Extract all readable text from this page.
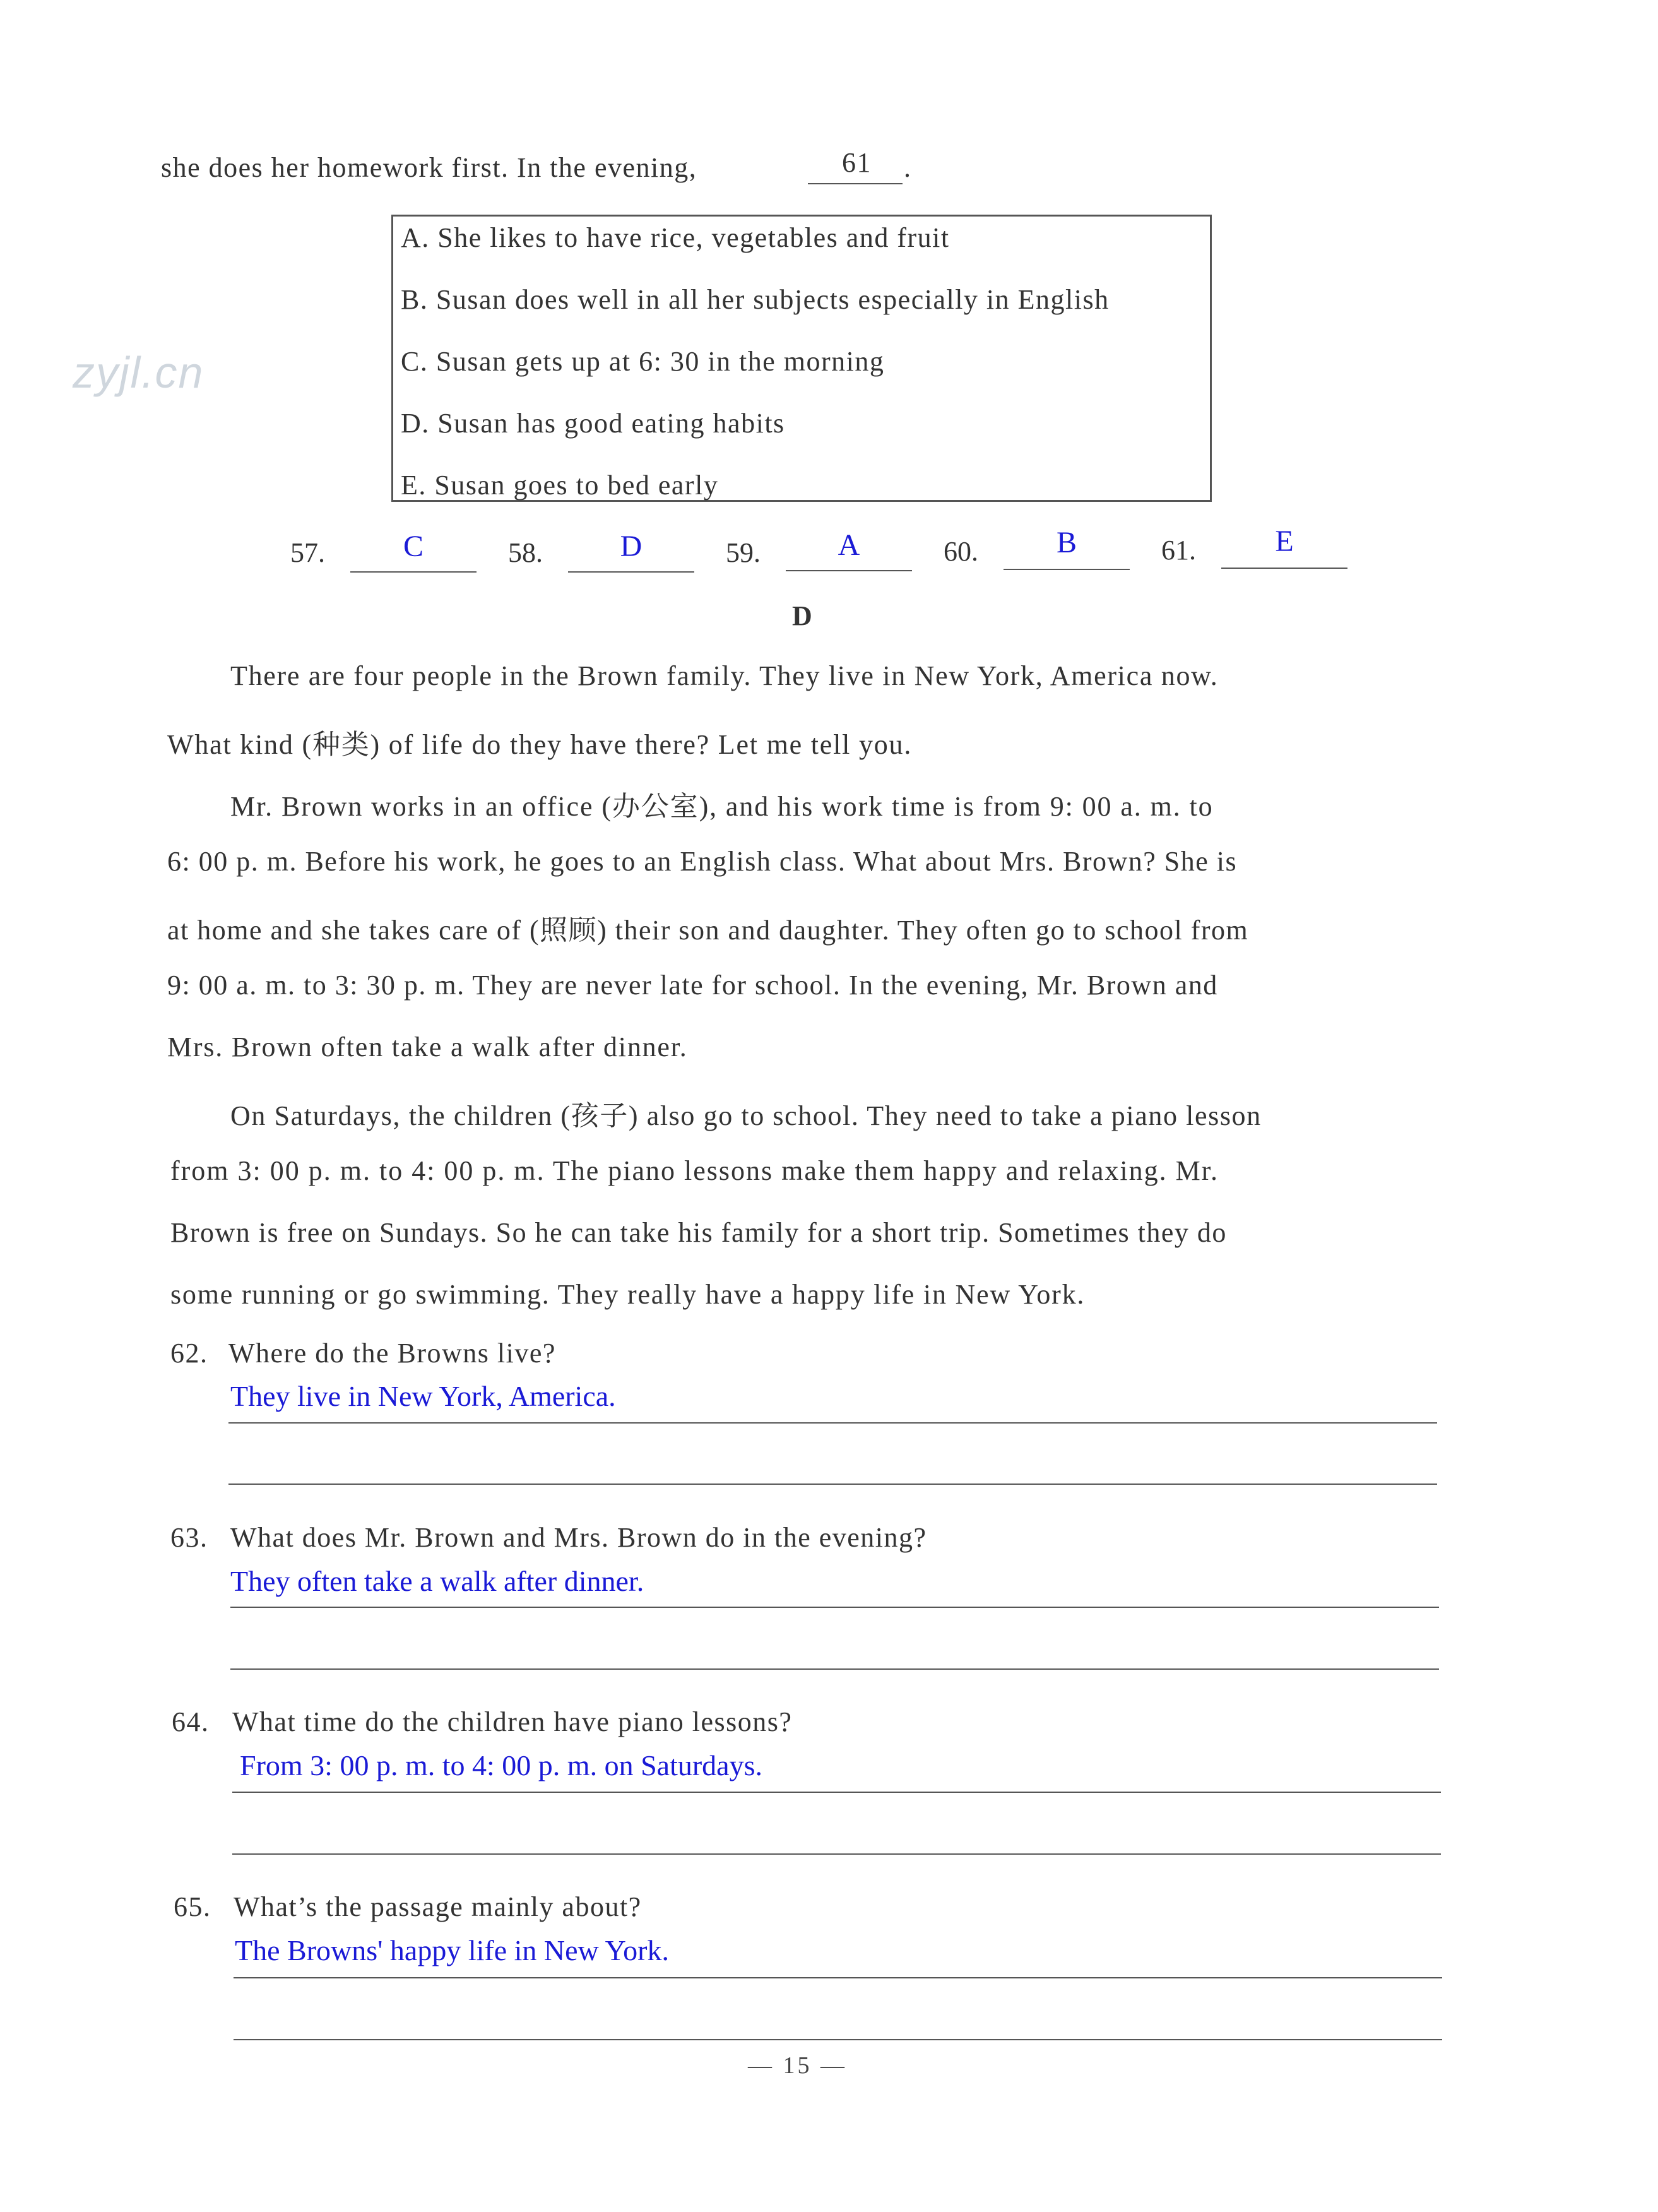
she does her homework first. In the evening,	61	.
zyjl.cn
A. She likes to have rice, vegetables and fruit
B. Susan does well in all her subjects especially in English
C. Susan gets up at 6: 30 in the morning
D. Susan has good eating habits
E. Susan goes to bed early
57.	C	58.	D	59.	A	60.	B	61.	E
D
There are four people in the Brown family. They live in New York, America now.
What kind (种类) of life do they have there? Let me tell you.
Mr. Brown works in an office (办公室), and his work time is from 9: 00 a. m. to
6: 00 p. m. Before his work, he goes to an English class. What about Mrs. Brown? She is
at home and she takes care of (照顾) their son and daughter. They often go to school from
9: 00 a. m. to 3: 30 p. m. They are never late for school. In the evening, Mr. Brown and
Mrs. Brown often take a walk after dinner.
On Saturdays, the children (孩子) also go to school. They need to take a piano lesson
from 3: 00 p. m. to 4: 00 p. m. The piano lessons make them happy and relaxing. Mr.
Brown is free on Sundays. So he can take his family for a short trip. Sometimes they do
some running or go swimming. They really have a happy life in New York.
62. Where do the Browns live?
They live in New York, America.
63. What does Mr. Brown and Mrs. Brown do in the evening?
They often take a walk after dinner.
64. What time do the children have piano lessons?
From 3: 00 p. m. to 4: 00 p. m. on Saturdays.
65. What’s the passage mainly about?
The Browns' happy life in New York.
— 15 —
